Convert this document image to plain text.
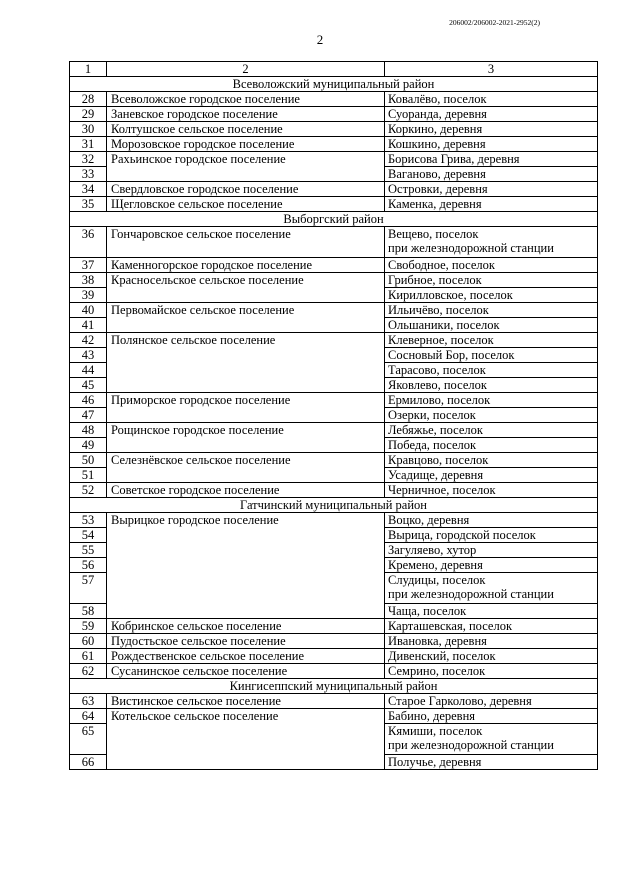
206002/206002-2021-2952(2)
2
1	2	3
Всеволожский муниципальный район		
28	Всеволожское городское поселение	Ковалёво, поселок

29	Заневское городское поселение	Суоранда, деревня

30	Колтушское сельское поселение	Коркино, деревня

31	Морозовское городское поселение	Кошкино, деревня

32	Рахьинское городское поселение	Борисова Грива, деревня

33		Ваганово, деревня

34	Свердловское городское поселение	Островки, деревня

35	Щегловское сельское поселение	Каменка, деревня

Выборгский район		
36	Гончаровское сельское поселение	Вещево, поселок
при железнодорожной станции

37	Каменногорское городское поселение	Свободное, поселок

38	Красносельское сельское поселение	Грибное, поселок

39		Кирилловское, поселок

40	Первомайское сельское поселение	Ильичёво, поселок

41		Ольшаники, поселок

42	Полянское сельское поселение	Клеверное, поселок

43		Сосновый Бор, поселок

44		Тарасово, поселок

45		Яковлево, поселок

46	Приморское городское поселение	Ермилово, поселок

47		Озерки, поселок

48	Рощинское городское поселение	Лебяжье, поселок

49		Победа, поселок

50	Селезнёвское сельское поселение	Кравцово, поселок

51		Усадище, деревня

52	Советское городское поселение	Черничное, поселок

Гатчинский муниципальный район		
53	Вырицкое городское поселение	Воцко, деревня

54		Вырица, городской поселок

55		Загуляево, хутор

56		Кремено, деревня

57		Слудицы, поселок
при железнодорожной станции

58		Чаща, поселок

59	Кобринское сельское поселение	Карташевская, поселок

60	Пудостьское сельское поселение	Ивановка, деревня

61	Рождественское сельское поселение	Дивенский, поселок

62	Сусанинское сельское поселение	Семрино, поселок

Кингисеппский муниципальный район		
63	Вистинское сельское поселение	Старое Гарколово, деревня

64	Котельское сельское поселение	Бабино, деревня

65		Кямиши, поселок
при железнодорожной станции

66		Получье, деревня
